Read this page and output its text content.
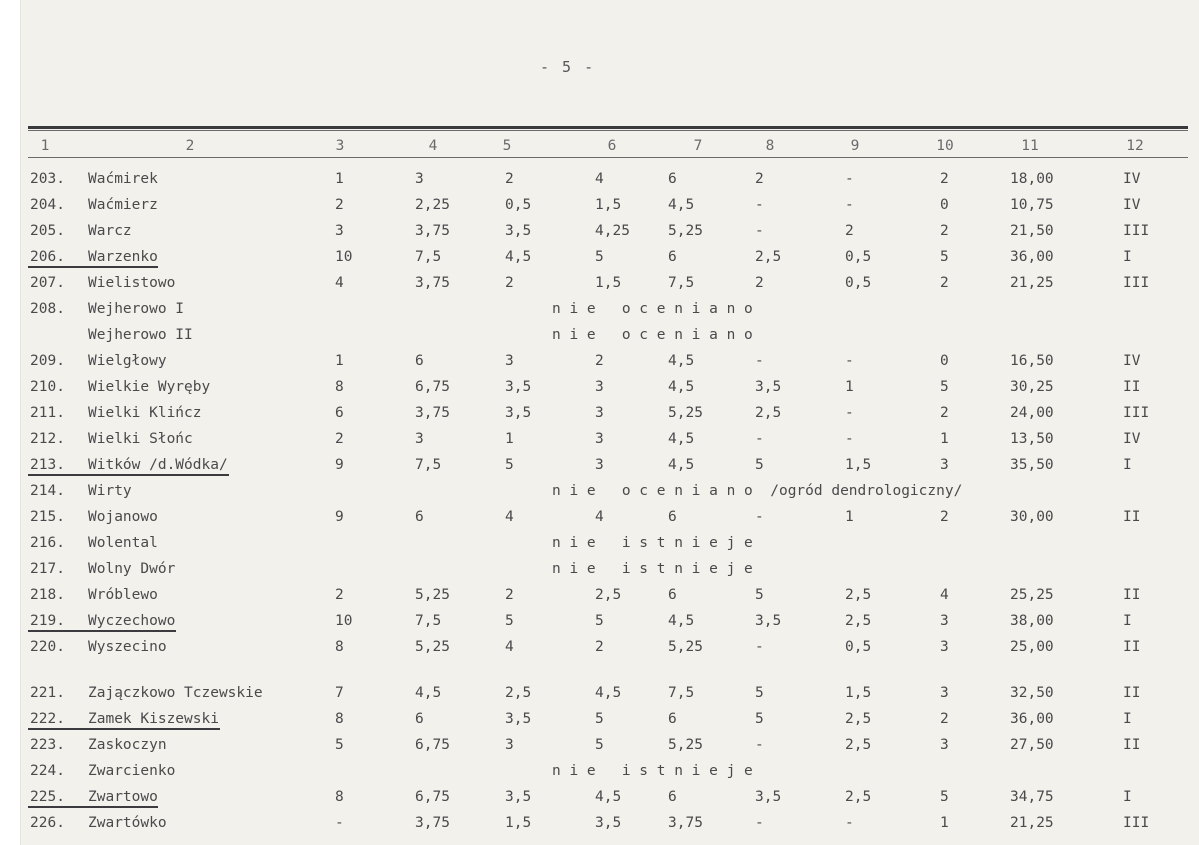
- 5 -
1	2	3	4	5	6	7	8	9	10	11	12
203. Waćmirek	1	3	2	4	6	2	-	2	18,00	IV
204. Waćmierz	2	2,25	0,5	1,5	4,5	-	-	0	10,75	IV
205. Warcz	3	3,75	3,5	4,25	5,25	-	2	2	21,50	III
206. Warzenko	10	7,5	4,5	5	6	2,5	0,5	5	36,00	I
207. Wielistowo	4	3,75	2	1,5	7,5	2	0,5	2	21,25	III
208. Wejherowo I	n i e   o c e n i a n o
Wejherowo II	n i e   o c e n i a n o
209. Wielgłowy	1	6	3	2	4,5	-	-	0	16,50	IV
210. Wielkie Wyręby	8	6,75	3,5	3	4,5	3,5	1	5	30,25	II
211. Wielki Klińcz	6	3,75	3,5	3	5,25	2,5	-	2	24,00	III
212. Wielki Słońc	2	3	1	3	4,5	-	-	1	13,50	IV
213. Witków /d.Wódka/	9	7,5	5	3	4,5	5	1,5	3	35,50	I
214. Wirty	n i e   o c e n i a n o  /ogród dendrologiczny/
215. Wojanowo	9	6	4	4	6	-	1	2	30,00	II
216. Wolental	n i e   i s t n i e j e
217. Wolny Dwór	n i e   i s t n i e j e
218. Wróblewo	2	5,25	2	2,5	6	5	2,5	4	25,25	II
219. Wyczechowo	10	7,5	5	5	4,5	3,5	2,5	3	38,00	I
220. Wyszecino	8	5,25	4	2	5,25	-	0,5	3	25,00	II
221. Zajączkowo Tczewskie	7	4,5	2,5	4,5	7,5	5	1,5	3	32,50	II
222. Zamek Kiszewski	8	6	3,5	5	6	5	2,5	2	36,00	I
223. Zaskoczyn	5	6,75	3	5	5,25	-	2,5	3	27,50	II
224. Zwarcienko	n i e   i s t n i e j e
225. Zwartowo	8	6,75	3,5	4,5	6	3,5	2,5	5	34,75	I
226. Zwartówko	-	3,75	1,5	3,5	3,75	-	-	1	21,25	III
